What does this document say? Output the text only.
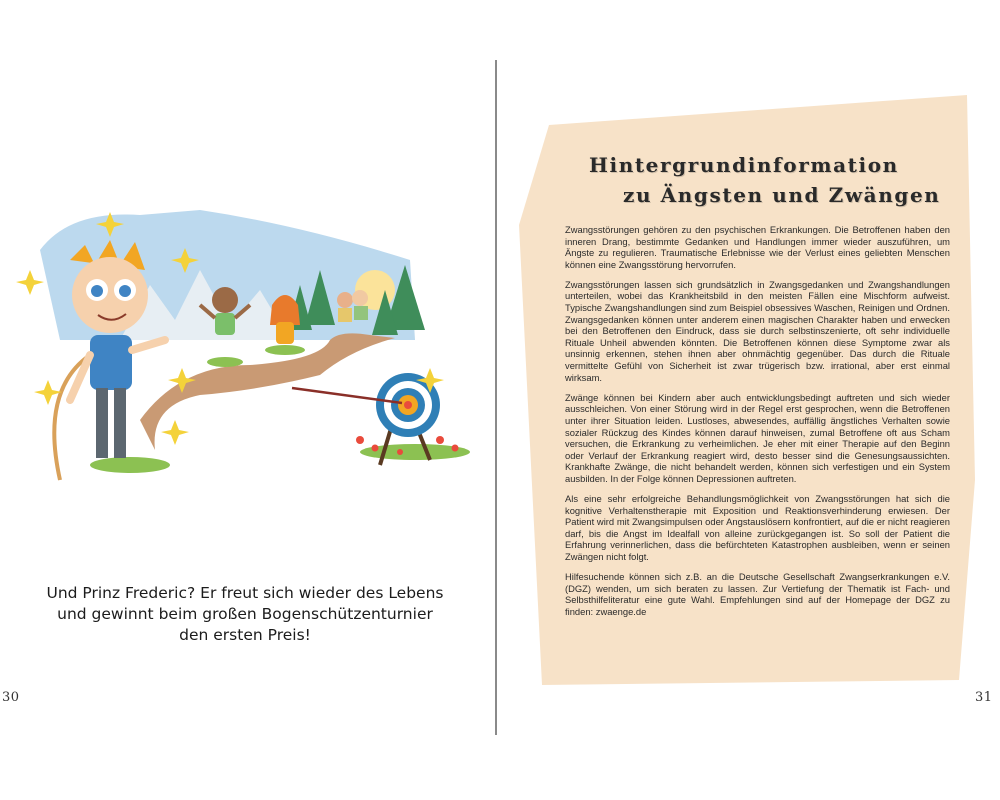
Und Prinz Frederic? Er freut sich wieder des Lebens
und gewinnt beim großen Bogenschützenturnier
den ersten Preis!
30
Hintergrundinformation
zu Ängsten und Zwängen

Zwangsstörungen gehören zu den psychischen Erkrankungen. Die Betroffenen haben den inneren Drang, bestimmte Gedanken und Handlungen immer wieder auszuführen, um Ängste zu regulieren. Traumatische Erlebnisse wie der Verlust eines geliebten Menschen können eine Zwangsstörung hervorrufen.

Zwangsstörungen lassen sich grundsätzlich in Zwangsgedanken und Zwangshandlungen unterteilen, wobei das Krankheitsbild in den meisten Fällen eine Mischform aufweist. Typische Zwangshandlungen sind zum Beispiel obsessives Waschen, Reinigen und Ordnen. Zwangsgedanken können unter anderem einen magischen Charakter haben und erwecken bei den Betroffenen den Eindruck, dass sie durch selbstinszenierte, oft sehr individuelle Rituale Unheil abwenden könnten. Die Betroffenen können diese Symptome zwar als unsinnig erkennen, stehen ihnen aber ohnmächtig gegenüber. Das durch die Rituale vermittelte Gefühl von Sicherheit ist zwar trügerisch bzw. irrational, aber erst einmal wirksam.

Zwänge können bei Kindern aber auch entwicklungsbedingt auftreten und sich wieder ausschleichen. Von einer Störung wird in der Regel erst gesprochen, wenn die Betroffenen unter ihrer Situation leiden. Lustloses, abwesendes, auffällig ängstliches Verhalten sowie sozialer Rückzug des Kindes können darauf hinweisen, zumal Betroffene oft aus Scham versuchen, die Erkrankung zu verheimlichen. Je eher mit einer Therapie auf den Beginn oder Verlauf der Erkrankung reagiert wird, desto besser sind die Genesungsaussichten. Krankhafte Zwänge, die nicht behandelt werden, können sich verfestigen und ein System ausbilden. In der Folge können Depressionen auftreten.

Als eine sehr erfolgreiche Behandlungsmöglichkeit von Zwangsstörungen hat sich die kognitive Verhaltenstherapie mit Exposition und Reaktionsverhinderung erwiesen. Der Patient wird mit Zwangsimpulsen oder Angstauslösern konfrontiert, auf die er nicht reagieren darf, bis die Angst im Idealfall von alleine zurückgegangen ist. So soll der Patient die Erfahrung verinnerlichen, dass die befürchteten Katastrophen ausbleiben, wenn er seinen Zwängen nicht folgt.

Hilfesuchende können sich z.B. an die Deutsche Gesellschaft Zwangserkrankungen e.V. (DGZ) wenden, um sich beraten zu lassen. Zur Vertiefung der Thematik ist Fach- und Selbsthilfeliteratur eine gute Wahl. Empfehlungen sind auf der Homepage der DGZ zu finden: zwaenge.de

31
